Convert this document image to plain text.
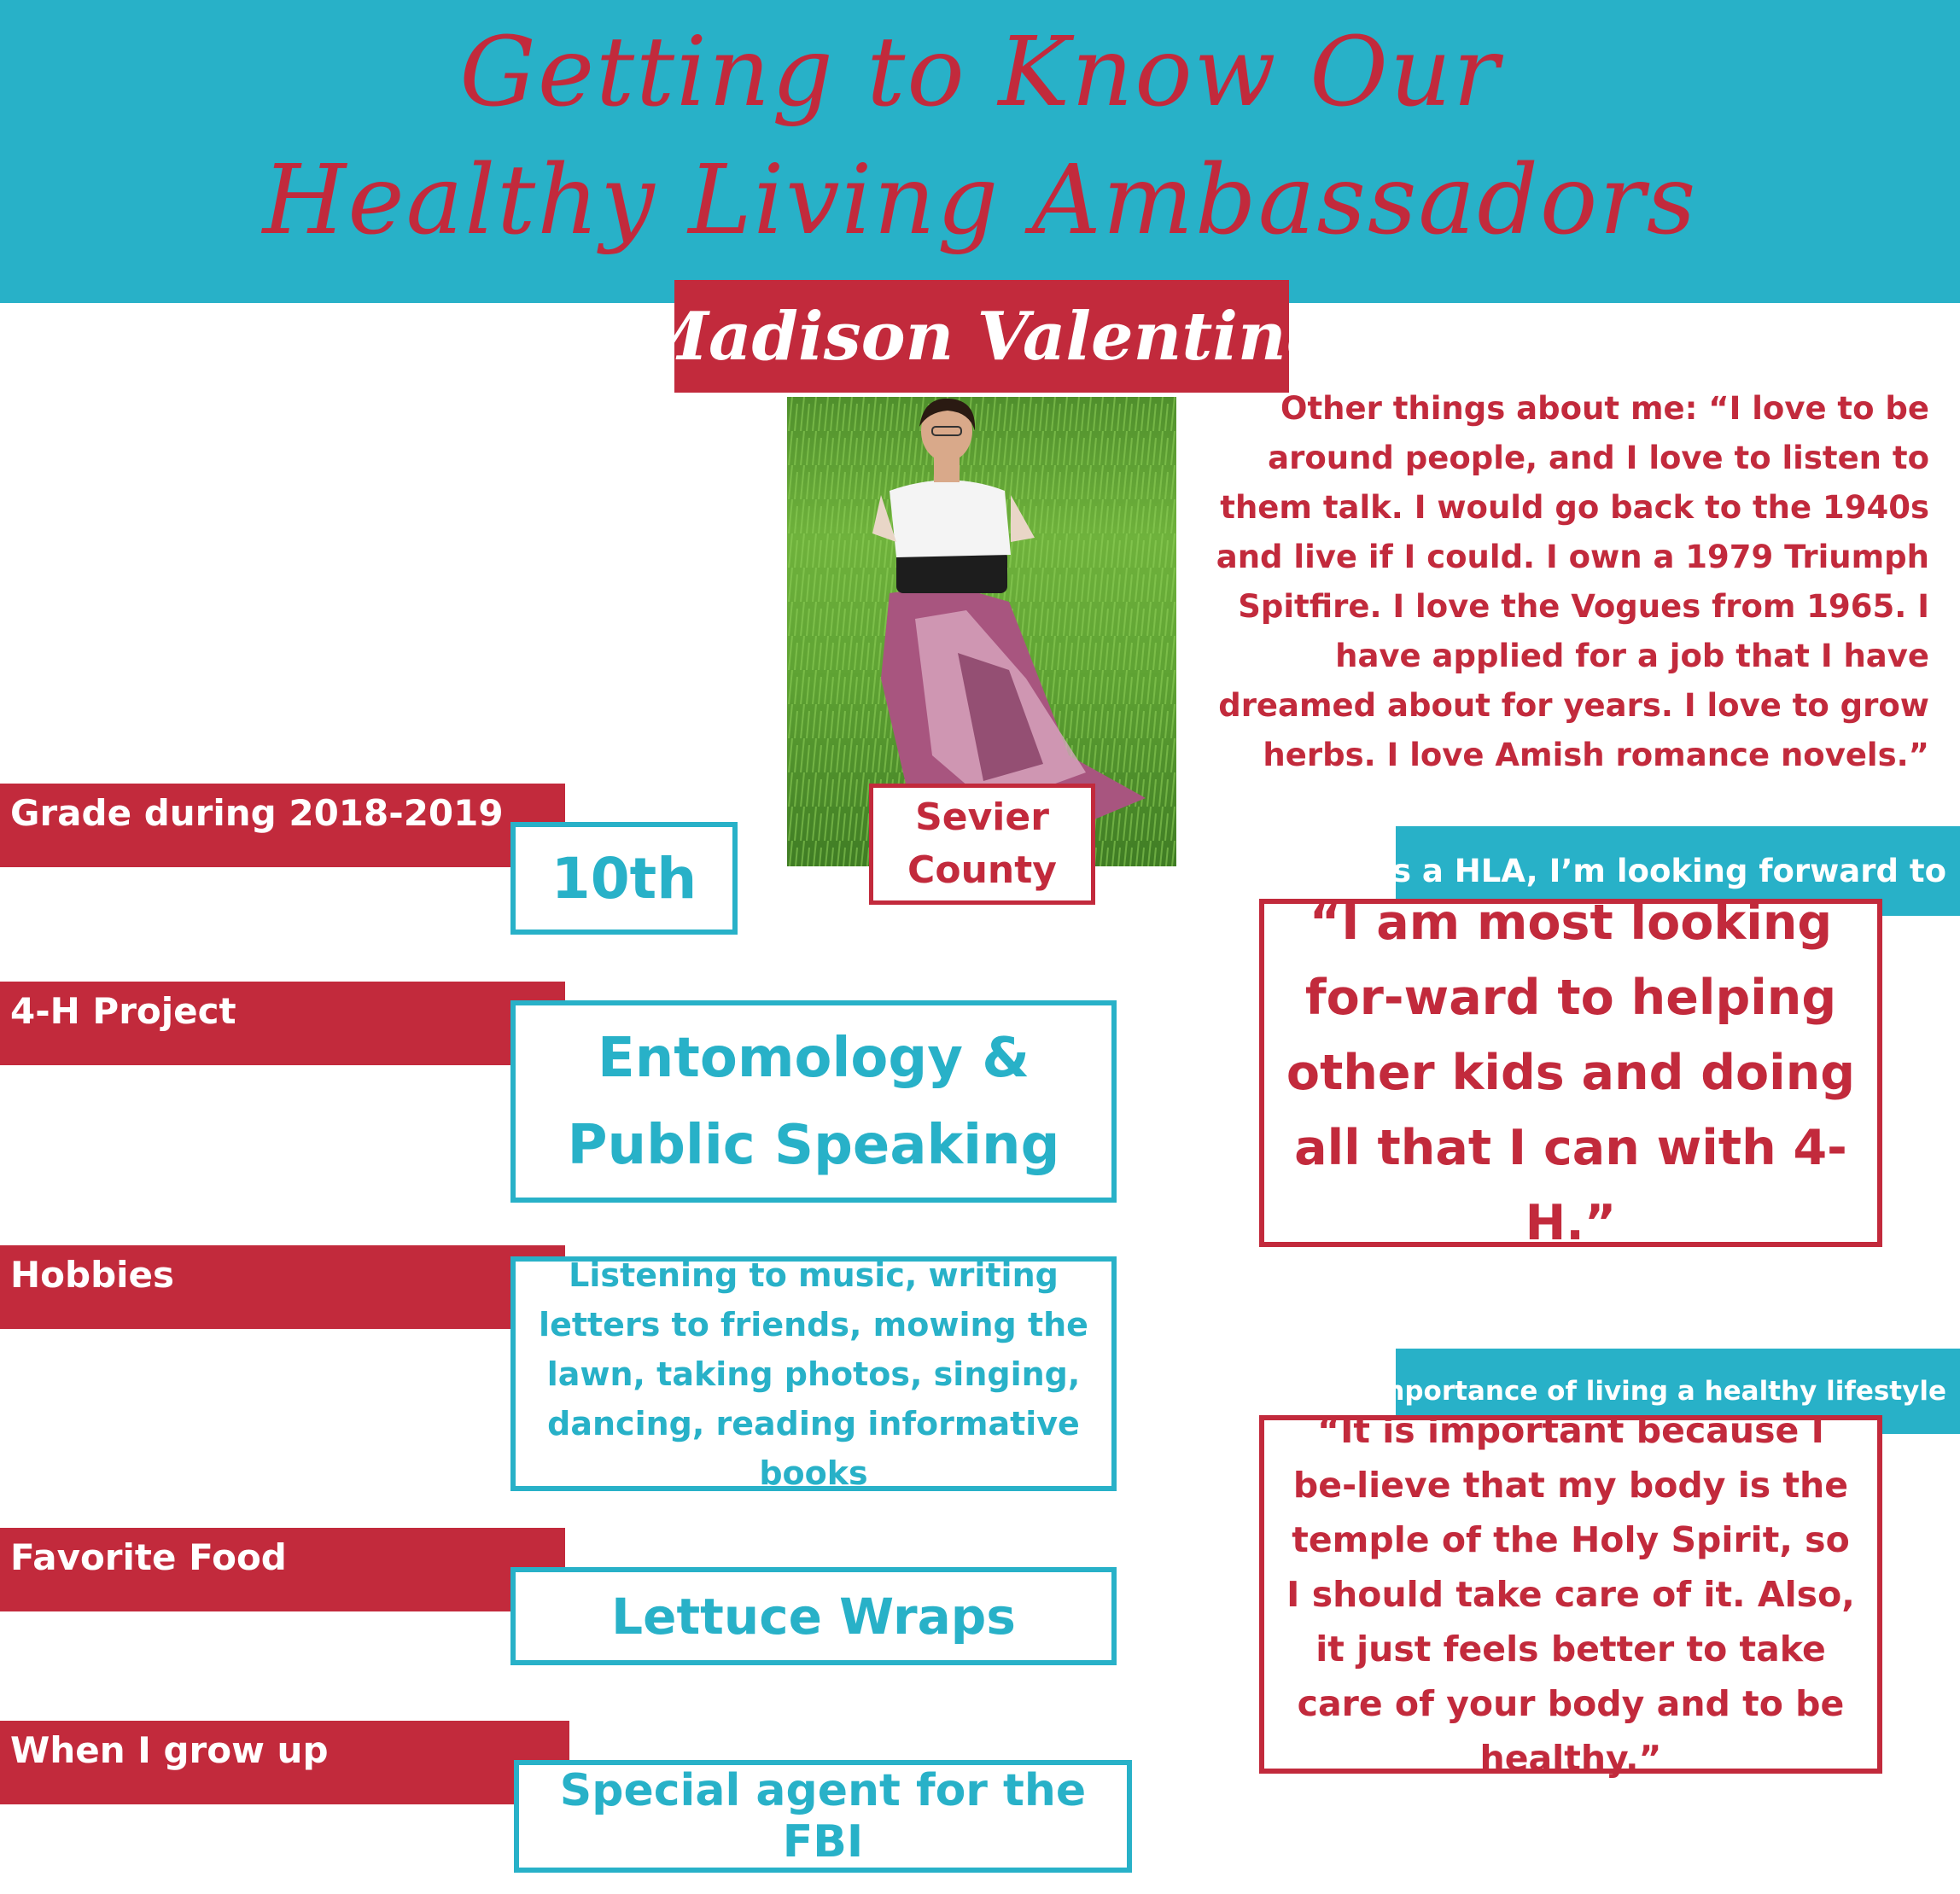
Getting to Know Our
Healthy Living Ambassadors
Madison Valentine
Sevier
County
Other things about me: “I love to be around people, and I love to listen to them talk. I would go back to the 1940s and live if I could. I own a 1979 Triumph Spitfire. I love the Vogues from 1965. I have applied for a job that I have dreamed about for years. I love to grow herbs. I love Amish romance novels.”
As a HLA, I’m looking forward to
“I am most looking for-ward to helping other kids and doing all that I can with 4-H.”
Importance of living a healthy lifestyle
“It is important because I be-lieve that my body is the temple of the Holy Spirit, so I should take care of it. Also, it just feels better to take care of your body and to be healthy.”
Grade during 2018-2019
10th
4-H Project
Entomology & Public Speaking
Hobbies	Listening to music, writing letters to friends, mowing the lawn, taking photos, singing, dancing, reading informative books
Favorite Food
Lettuce Wraps
When I grow up
Special agent for the FBI
